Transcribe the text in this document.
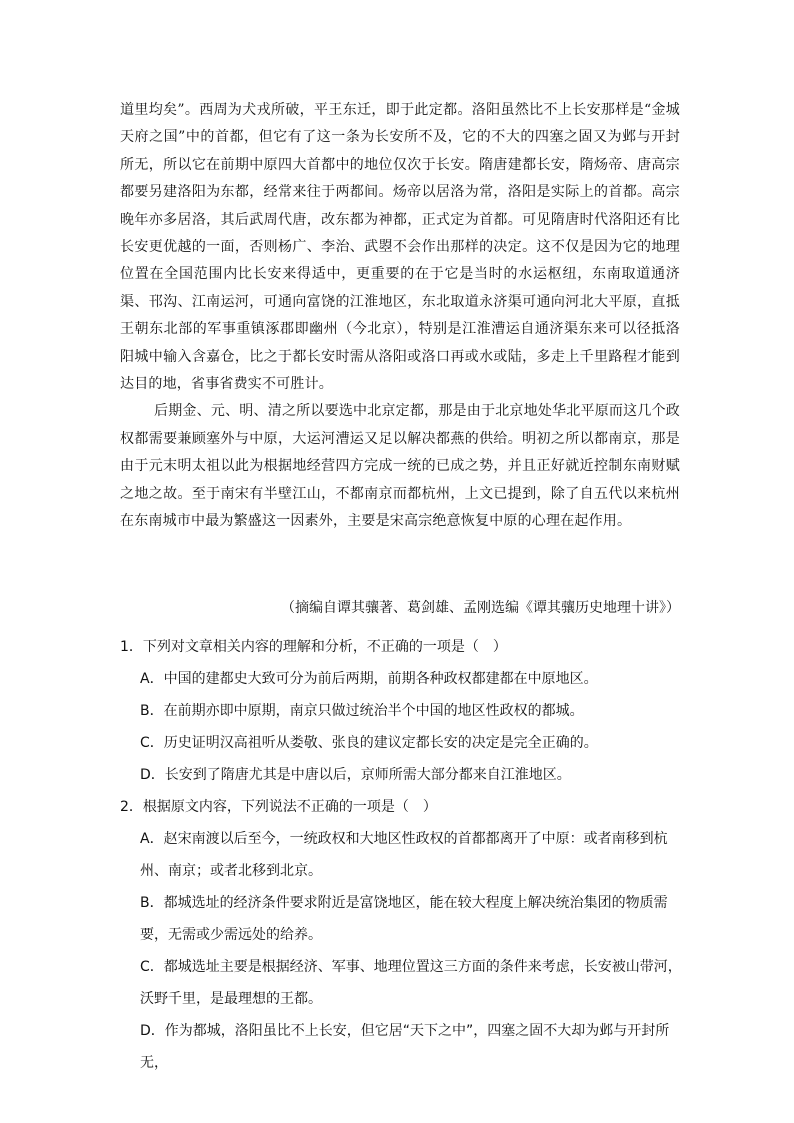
道里均矣”。西周为犬戎所破，平王东迁，即于此定都。洛阳虽然比不上长安那样是“金城天府之国”中的首都，但它有了这一条为长安所不及，它的不大的四塞之固又为邺与开封所无，所以它在前期中原四大首都中的地位仅次于长安。隋唐建都长安，隋炀帝、唐高宗都要另建洛阳为东都，经常来往于两都间。炀帝以居洛为常，洛阳是实际上的首都。高宗晚年亦多居洛，其后武周代唐，改东都为神都，正式定为首都。可见隋唐时代洛阳还有比长安更优越的一面，否则杨广、李治、武曌不会作出那样的决定。这不仅是因为它的地理位置在全国范围内比长安来得适中，更重要的在于它是当时的水运枢纽，东南取道通济渠、邗沟、江南运河，可通向富饶的江淮地区，东北取道永济渠可通向河北大平原，直抵王朝东北部的军事重镇涿郡即幽州（今北京），特别是江淮漕运自通济渠东来可以径抵洛阳城中输入含嘉仓，比之于都长安时需从洛阳或洛口再或水或陆，多走上千里路程才能到达目的地，省事省费实不可胜计。

后期金、元、明、清之所以要选中北京定都，那是由于北京地处华北平原而这几个政权都需要兼顾塞外与中原，大运河漕运又足以解决都燕的供给。明初之所以都南京，那是由于元末明太祖以此为根据地经营四方完成一统的已成之势，并且正好就近控制东南财赋之地之故。至于南宋有半壁江山，不都南京而都杭州，上文已提到，除了自五代以来杭州在东南城市中最为繁盛这一因素外，主要是宋高宗绝意恢复中原的心理在起作用。

（摘编自谭其骧著、葛剑雄、孟刚选编《谭其骧历史地理十讲》）
1．下列对文章相关内容的理解和分析，不正确的一项是（　）
A．中国的建都史大致可分为前后两期，前期各种政权都建都在中原地区。
B．在前期亦即中原期，南京只做过统治半个中国的地区性政权的都城。
C．历史证明汉高祖听从娄敬、张良的建议定都长安的决定是完全正确的。
D．长安到了隋唐尤其是中唐以后，京师所需大部分都来自江淮地区。
2．根据原文内容，下列说法不正确的一项是（　）
A．赵宋南渡以后至今，一统政权和大地区性政权的首都都离开了中原：或者南移到杭
州、南京；或者北移到北京。
B．都城选址的经济条件要求附近是富饶地区，能在较大程度上解决统治集团的物质需
要，无需或少需远处的给养。
C．都城选址主要是根据经济、军事、地理位置这三方面的条件来考虑，长安被山带河，
沃野千里，是最理想的王都。
D．作为都城，洛阳虽比不上长安，但它居“天下之中”，四塞之固不大却为邺与开封所无，
